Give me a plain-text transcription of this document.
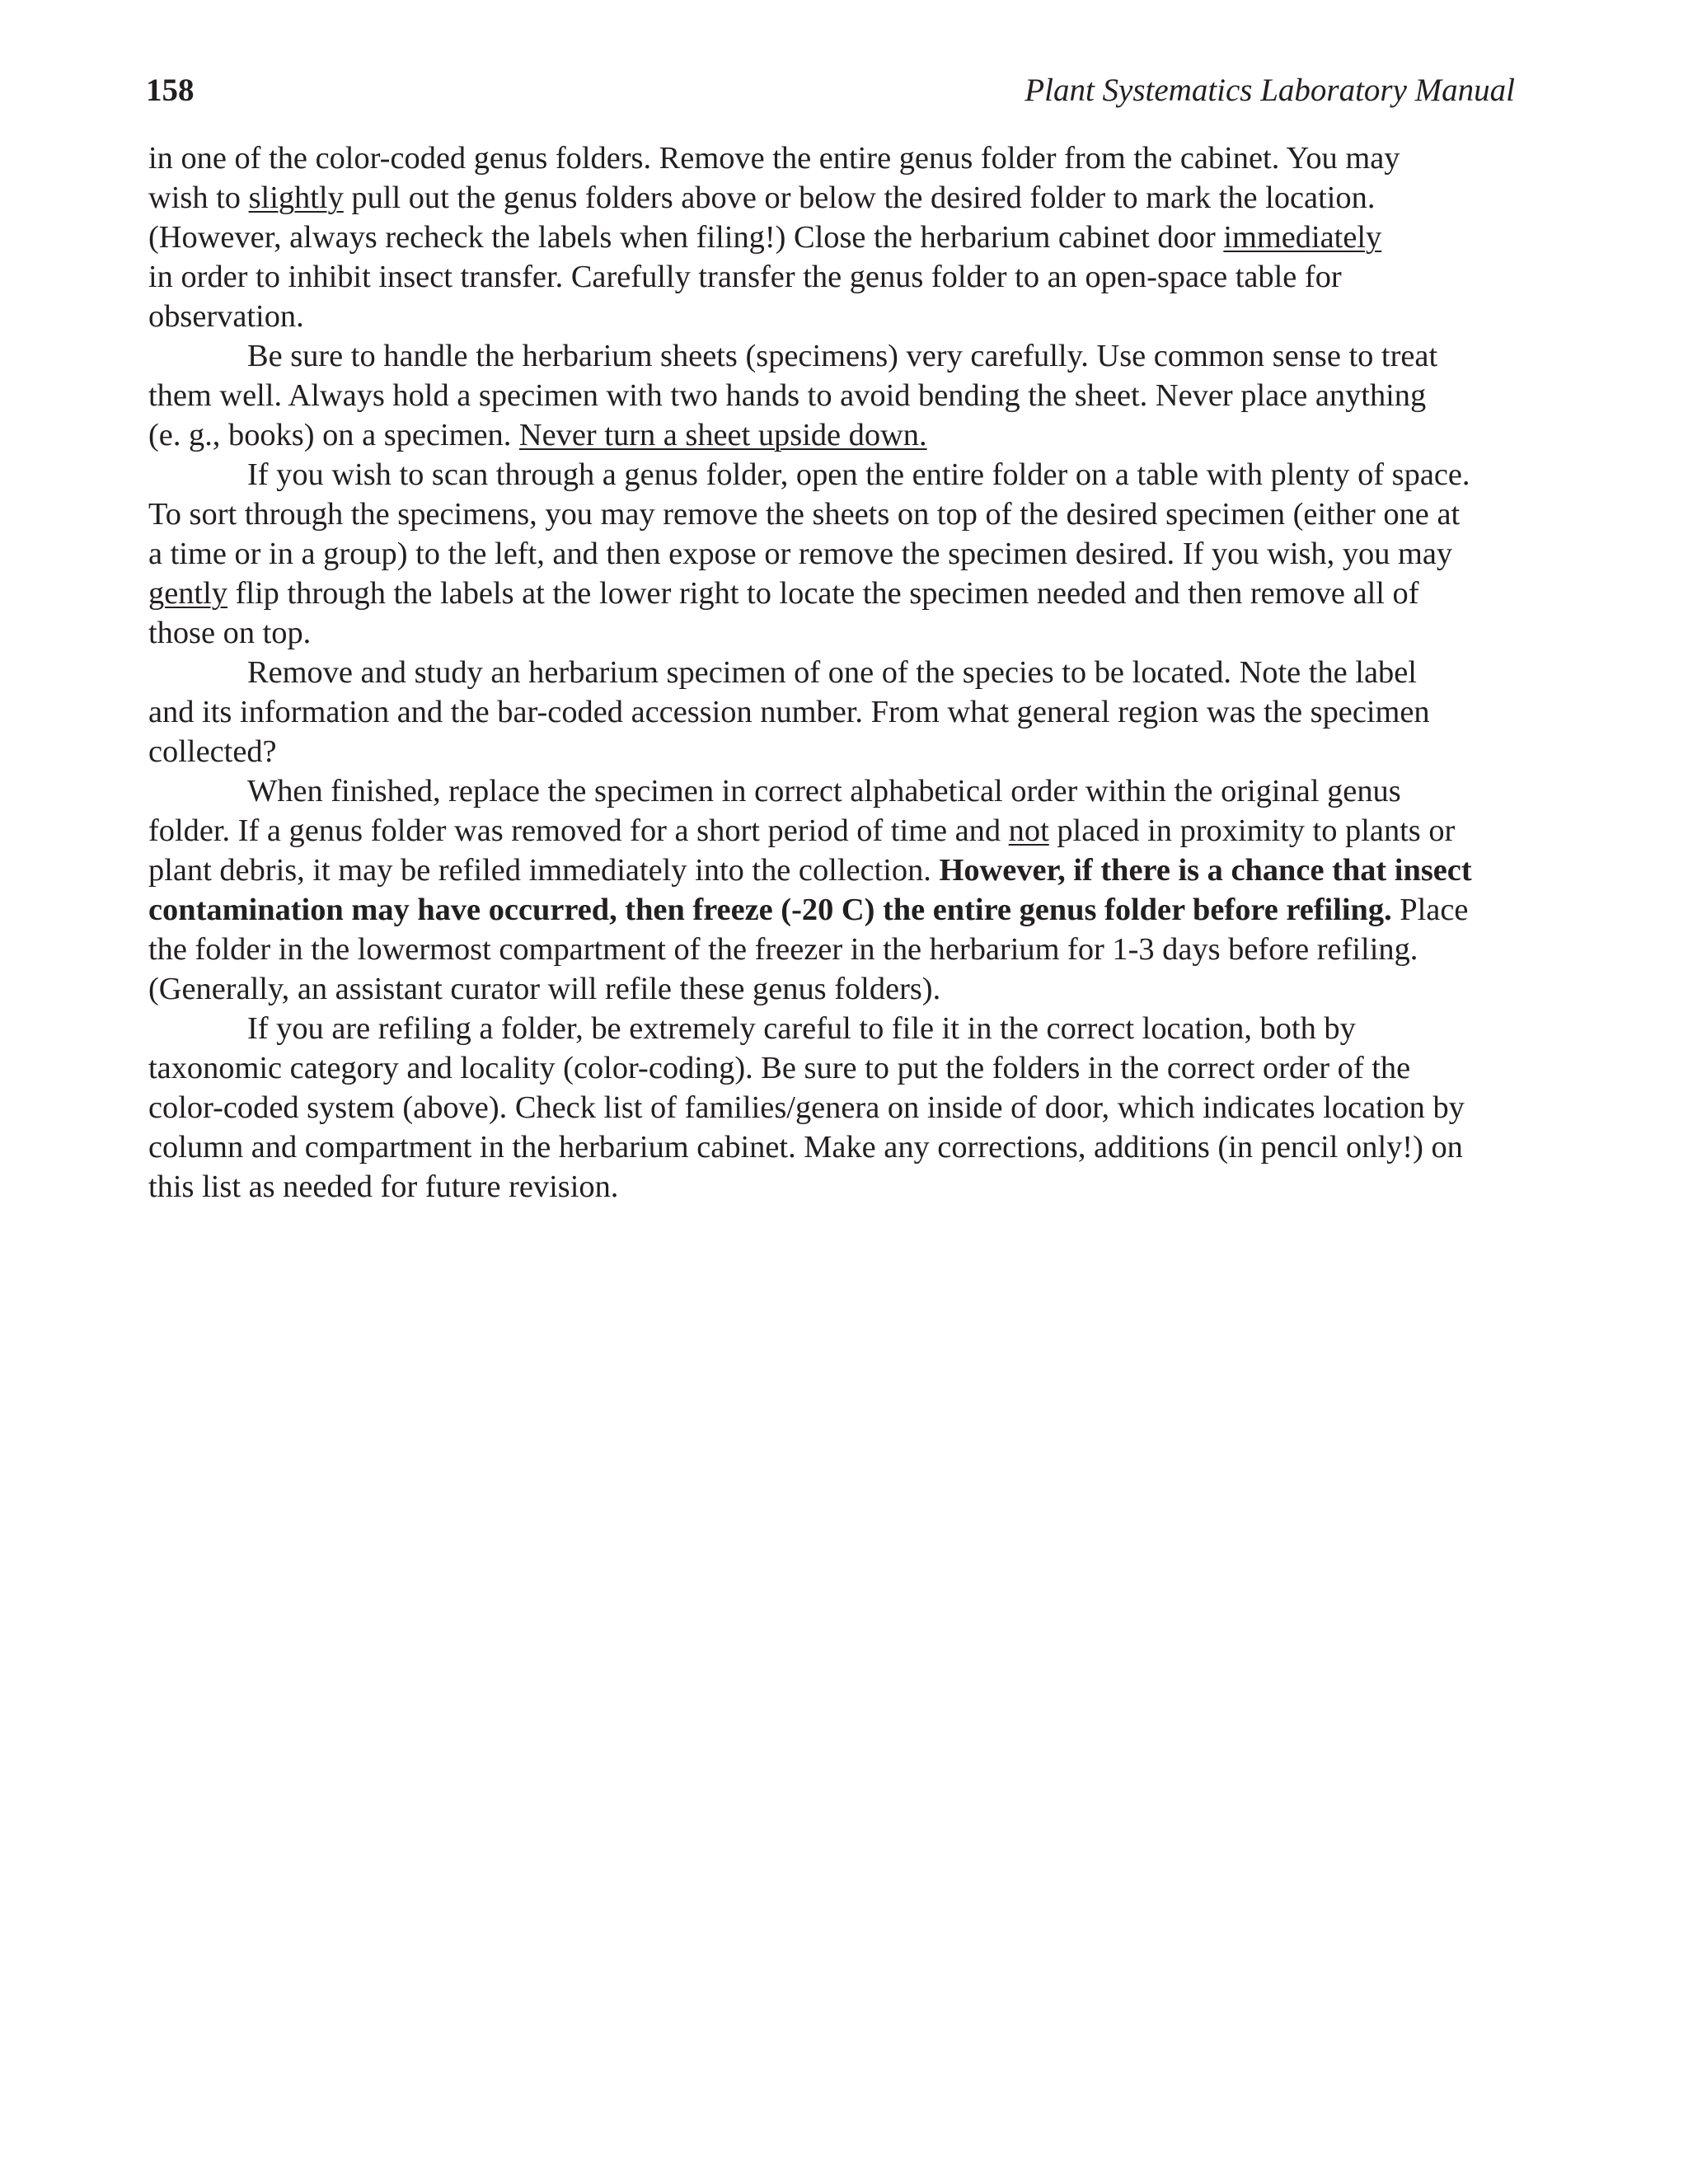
158	Plant Systematics Laboratory Manual
in one of the color-coded genus folders. Remove the entire genus folder from the cabinet. You may
wish to slightly pull out the genus folders above or below the desired folder to mark the location.
(However, always recheck the labels when filing!) Close the herbarium cabinet door immediately
in order to inhibit insect transfer. Carefully transfer the genus folder to an open-space table for
observation.
Be sure to handle the herbarium sheets (specimens) very carefully. Use common sense to treat
them well. Always hold a specimen with two hands to avoid bending the sheet. Never place anything
(e. g., books) on a specimen. Never turn a sheet upside down.
If you wish to scan through a genus folder, open the entire folder on a table with plenty of space.
To sort through the specimens, you may remove the sheets on top of the desired specimen (either one at
a time or in a group) to the left, and then expose or remove the specimen desired. If you wish, you may
gently flip through the labels at the lower right to locate the specimen needed and then remove all of
those on top.
Remove and study an herbarium specimen of one of the species to be located. Note the label
and its information and the bar-coded accession number. From what general region was the specimen
collected?
When finished, replace the specimen in correct alphabetical order within the original genus
folder. If a genus folder was removed for a short period of time and not placed in proximity to plants or
plant debris, it may be refiled immediately into the collection. However, if there is a chance that insect
contamination may have occurred, then freeze (-20 C) the entire genus folder before refiling. Place
the folder in the lowermost compartment of the freezer in the herbarium for 1-3 days before refiling.
(Generally, an assistant curator will refile these genus folders).
If you are refiling a folder, be extremely careful to file it in the correct location, both by
taxonomic category and locality (color-coding). Be sure to put the folders in the correct order of the
color-coded system (above). Check list of families/genera on inside of door, which indicates location by
column and compartment in the herbarium cabinet. Make any corrections, additions (in pencil only!) on
this list as needed for future revision.
